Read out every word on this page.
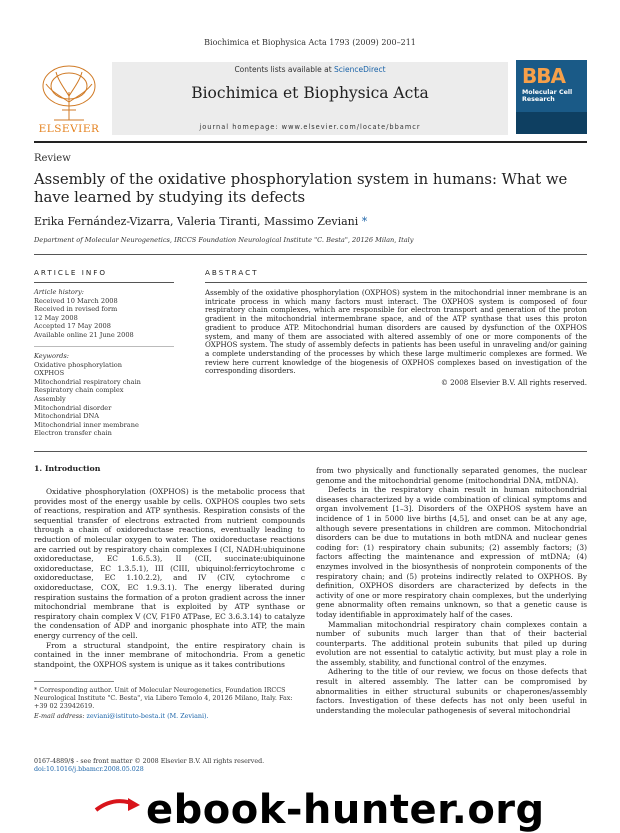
Biochimica et Biophysica Acta 1793 (2009) 200–211
ELSEVIER
Contents lists available at ScienceDirect
Biochimica et Biophysica Acta
journal homepage: www.elsevier.com/locate/bbamcr
BBA
Molecular Cell Research
Review
Assembly of the oxidative phosphorylation system in humans: What we have learned by studying its defects
Erika Fernández-Vizarra, Valeria Tiranti, Massimo Zeviani *
Department of Molecular Neurogenetics, IRCCS Foundation Neurological Institute "C. Besta", 20126 Milan, Italy
ARTICLE INFO
Article history:
Received 10 March 2008
Received in revised form
12 May 2008
Accepted 17 May 2008
Available online 21 June 2008
Keywords:
Oxidative phosphorylation
OXPHOS
Mitochondrial respiratory chain
Respiratory chain complex
Assembly
Mitochondrial disorder
Mitochondrial DNA
Mitochondrial inner membrane
Electron transfer chain
ABSTRACT
Assembly of the oxidative phosphorylation (OXPHOS) system in the mitochondrial inner membrane is an intricate process in which many factors must interact. The OXPHOS system is composed of four respiratory chain complexes, which are responsible for electron transport and generation of the proton gradient in the mitochondrial intermembrane space, and of the ATP synthase that uses this proton gradient to produce ATP. Mitochondrial human disorders are caused by dysfunction of the OXPHOS system, and many of them are associated with altered assembly of one or more components of the OXPHOS system. The study of assembly defects in patients has been useful in unraveling and/or gaining a complete understanding of the processes by which these large multimeric complexes are formed. We review here current knowledge of the biogenesis of OXPHOS complexes based on investigation of the corresponding disorders.
© 2008 Elsevier B.V. All rights reserved.
1. Introduction

Oxidative phosphorylation (OXPHOS) is the metabolic process that provides most of the energy usable by cells. OXPHOS couples two sets of reactions, respiration and ATP synthesis. Respiration consists of the sequential transfer of electrons extracted from nutrient compounds through a chain of oxidoreductase reactions, eventually leading to reduction of molecular oxygen to water. The oxidoreductase reactions are carried out by respiratory chain complexes I (CI, NADH:ubiquinone oxidoreductase, EC 1.6.5.3), II (CII, succinate:ubiquinone oxidoreductase, EC 1.3.5.1), III (CIII, ubiquinol:ferricytochrome c oxidoreductase, EC 1.10.2.2), and IV (CIV, cytochrome c oxidoreductase, COX, EC 1.9.3.1). The energy liberated during respiration sustains the formation of a proton gradient across the inner mitochondrial membrane that is exploited by ATP synthase or respiratory chain complex V (CV, F1F0 ATPase, EC 3.6.3.14) to catalyze the condensation of ADP and inorganic phosphate into ATP, the main energy currency of the cell.

From a structural standpoint, the entire respiratory chain is contained in the inner membrane of mitochondria. From a genetic standpoint, the OXPHOS system is unique as it takes contributions

from two physically and functionally separated genomes, the nuclear genome and the mitochondrial genome (mitochondrial DNA, mtDNA).

Defects in the respiratory chain result in human mitochondrial diseases characterized by a wide combination of clinical symptoms and organ involvement [1–3]. Disorders of the OXPHOS system have an incidence of 1 in 5000 live births [4,5], and onset can be at any age, although severe presentations in children are common. Mitochondrial disorders can be due to mutations in both mtDNA and nuclear genes coding for: (1) respiratory chain subunits; (2) assembly factors; (3) factors affecting the maintenance and expression of mtDNA; (4) enzymes involved in the biosynthesis of nonprotein components of the respiratory chain; and (5) proteins indirectly related to OXPHOS. By definition, OXPHOS disorders are characterized by defects in the activity of one or more respiratory chain complexes, but the underlying gene abnormality often remains unknown, so that a genetic cause is today identifiable in approximately half of the cases.

Mammalian mitochondrial respiratory chain complexes contain a number of subunits much larger than that of their bacterial counterparts. The additional protein subunits that piled up during evolution are not essential to catalytic activity, but must play a role in the assembly, stability, and functional control of the enzymes.

Adhering to the title of our review, we focus on those defects that result in altered assembly. The latter can be compromised by abnormalities in either structural subunits or chaperones/assembly factors. Investigation of these defects has not only been useful in understanding the molecular pathogenesis of several mitochondrial

* Corresponding author. Unit of Molecular Neurogenetics, Foundation IRCCS Neurological Institute "C. Besta", via Libero Temolo 4, 20126 Milano, Italy. Fax: +39 02 23942619.
E-mail address: zeviani@istituto-besta.it (M. Zeviani).
0167-4889/$ - see front matter © 2008 Elsevier B.V. All rights reserved.
doi:10.1016/j.bbamcr.2008.05.028
ebook-hunter.org
